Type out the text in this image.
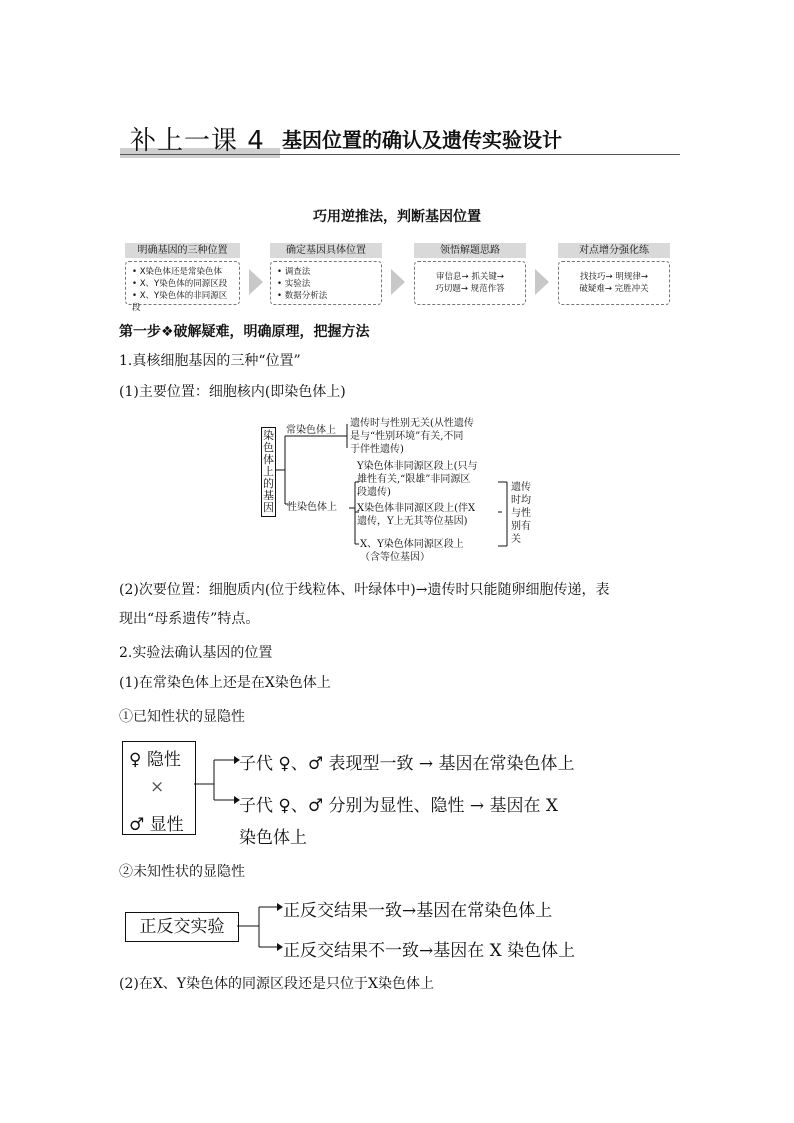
补上一课 4 基因位置的确认及遗传实验设计
巧用逆推法，判断基因位置
明确基因的三种位置
• X染色体还是常染色体
• X、Y染色体的同源区段
• X、Y染色体的非同源区段
确定基因具体位置
• 调查法
• 实验法
• 数据分析法
领悟解题思路
审信息→ 抓关键→
巧切题→ 规范作答
对点增分强化练
找技巧→ 明规律→
破疑难→ 完胜冲关
第一步❖破解疑难，明确原理，把握方法
1.真核细胞基因的三种“位置”
(1)主要位置：细胞核内(即染色体上)
染色体上的基因
常染色体上
遗传时与性别无关(从性遗传
是与“性别环境”有关,不同
于伴性遗传)
性染色体上
Y染色体非同源区段上(只与
雄性有关,“限雄”非同源区
段遗传)
X染色体非同源区段上(伴X
遗传，Y上无其等位基因)
X、Y染色体同源区段上
（含等位基因）
遗传时均与性别有关
(2)次要位置：细胞质内(位于线粒体、叶绿体中)→遗传时只能随卵细胞传递，表
现出“母系遗传”特点。
2.实验法确认基因的位置
(1)在常染色体上还是在X染色体上
①已知性状的显隐性
♀ 隐性
×
♂ 显性
子代 ♀、♂ 表现型一致 → 基因在常染色体上
子代 ♀、♂ 分别为显性、隐性 → 基因在 X
染色体上
②未知性状的显隐性
正反交实验
正反交结果一致→基因在常染色体上
正反交结果不一致→基因在 X 染色体上
(2)在X、Y染色体的同源区段还是只位于X染色体上
